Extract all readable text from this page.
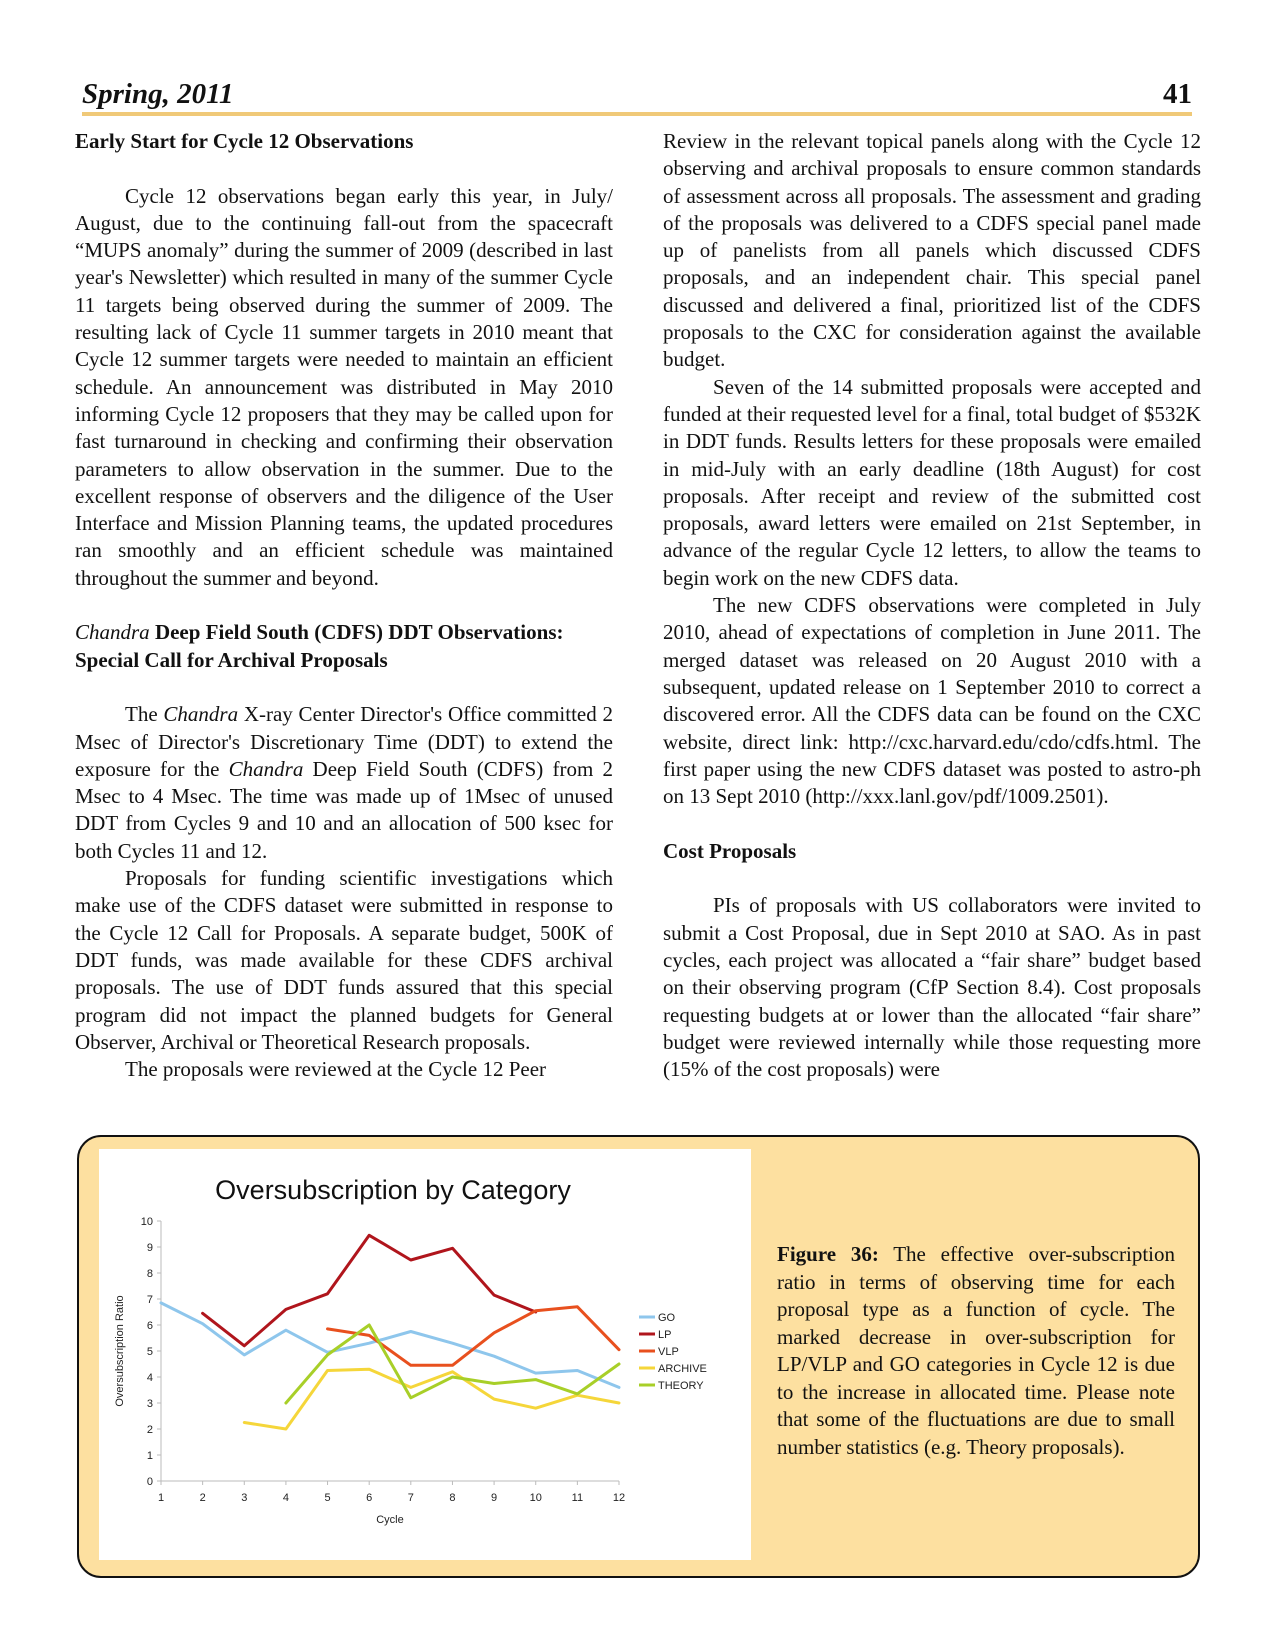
Spring, 2011	41
Early Start for Cycle 12 Observations

Cycle 12 observations began early this year, in July/ August, due to the continuing fall-out from the spacecraft “MUPS anomaly” during the summer of 2009 (described in last year's Newsletter) which resulted in many of the summer Cycle 11 targets being observed during the summer of 2009. The resulting lack of Cycle 11 summer targets in 2010 meant that Cycle 12 summer targets were needed to maintain an efficient schedule. An announcement was distributed in May 2010 informing Cycle 12 proposers that they may be called upon for fast turnaround in checking and confirming their observation parameters to allow observation in the summer. Due to the excellent response of observers and the diligence of the User Interface and Mission Planning teams, the updated procedures ran smoothly and an efficient schedule was maintained throughout the summer and beyond.

Chandra Deep Field South (CDFS) DDT Observations: Special Call for Archival Proposals

The Chandra X-ray Center Director's Office committed 2 Msec of Director's Discretionary Time (DDT) to extend the exposure for the Chandra Deep Field South (CDFS) from 2 Msec to 4 Msec. The time was made up of 1Msec of unused DDT from Cycles 9 and 10 and an allocation of 500 ksec for both Cycles 11 and 12.

Proposals for funding scientific investigations which make use of the CDFS dataset were submitted in response to the Cycle 12 Call for Proposals. A separate budget, 500K of DDT funds, was made available for these CDFS archival proposals. The use of DDT funds assured that this special program did not impact the planned budgets for General Observer, Archival or Theoretical Research proposals.

The proposals were reviewed at the Cycle 12 Peer

Review in the relevant topical panels along with the Cycle 12 observing and archival proposals to ensure common standards of assessment across all proposals. The assessment and grading of the proposals was delivered to a CDFS special panel made up of panelists from all panels which discussed CDFS proposals, and an independent chair. This special panel discussed and delivered a final, prioritized list of the CDFS proposals to the CXC for consideration against the available budget.

Seven of the 14 submitted proposals were accepted and funded at their requested level for a final, total budget of $532K in DDT funds. Results letters for these proposals were emailed in mid-July with an early deadline (18th August) for cost proposals. After receipt and review of the submitted cost proposals, award letters were emailed on 21st September, in advance of the regular Cycle 12 letters, to allow the teams to begin work on the new CDFS data.

The new CDFS observations were completed in July 2010, ahead of expectations of completion in June 2011. The merged dataset was released on 20 August 2010 with a subsequent, updated release on 1 September 2010 to correct a discovered error. All the CDFS data can be found on the CXC website, direct link: http://cxc.harvard.edu/cdo/cdfs.html. The first paper using the new CDFS dataset was posted to astro-ph on 13 Sept 2010 (http://xxx.lanl.gov/pdf/1009.2501).

Cost Proposals

PIs of proposals with US collaborators were invited to submit a Cost Proposal, due in Sept 2010 at SAO. As in past cycles, each project was allocated a “fair share” budget based on their observing program (CfP Section 8.4). Cost proposals requesting budgets at or lower than the allocated “fair share” budget were reviewed internally while those requesting more (15% of the cost proposals) were

Oversubscription by Category
0
1
2
3
4
5
6
7
8
9
10
1	2	3	4	5	6	7	8	9	10	11	12
Cycle
Oversubscription Ratio	GO
LP
VLP
ARCHIVE
THEORY
Figure 36: The effective over-subscription ratio in terms of observing time for each proposal type as a function of cycle. The marked decrease in over-subscription for LP/VLP and GO categories in Cycle 12 is due to the increase in allocated time. Please note that some of the fluctuations are due to small number statistics (e.g. Theory proposals).
